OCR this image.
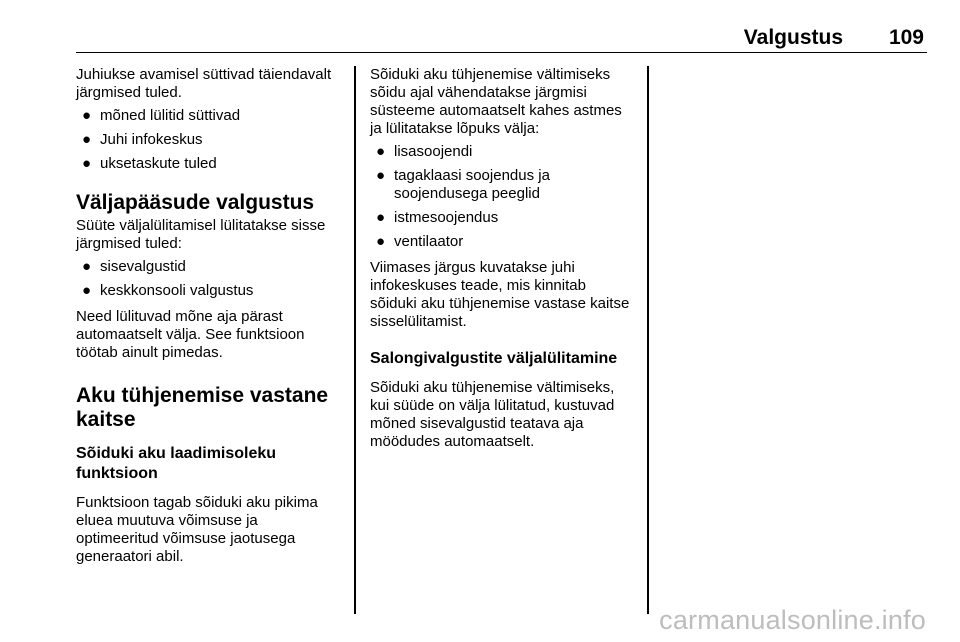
Valgustus 109

Juhiukse avamisel süttivad täiendavalt järgmised tuled.

● mõned lülitid süttivad
● Juhi infokeskus
● uksetaskute tuled
Väljapääsude valgustus

Süüte väljalülitamisel lülitatakse sisse järgmised tuled:

● sisevalgustid
● keskkonsooli valgustus

Need lülituvad mõne aja pärast automaatselt välja. See funktsioon töötab ainult pimedas.

Aku tühjenemise vastane kaitse
Sõiduki aku laadimisoleku funktsioon

Funktsioon tagab sõiduki aku pikima eluea muutuva võimsuse ja optimeeritud võimsuse jaotusega generaatori abil.

Sõiduki aku tühjenemise vältimiseks sõidu ajal vähendatakse järgmisi süsteeme automaatselt kahes astmes ja lülitatakse lõpuks välja:

● lisasoojendi
● tagaklaasi soojendus ja soojendusega peeglid
● istmesoojendus
● ventilaator

Viimases järgus kuvatakse juhi infokeskuses teade, mis kinnitab sõiduki aku tühjenemise vastase kaitse sisselülitamist.

Salongivalgustite väljalülitamine

Sõiduki aku tühjenemise vältimiseks, kui süüde on välja lülitatud, kustuvad mõned sisevalgustid teatava aja möödudes automaatselt.

carmanualsonline.info
